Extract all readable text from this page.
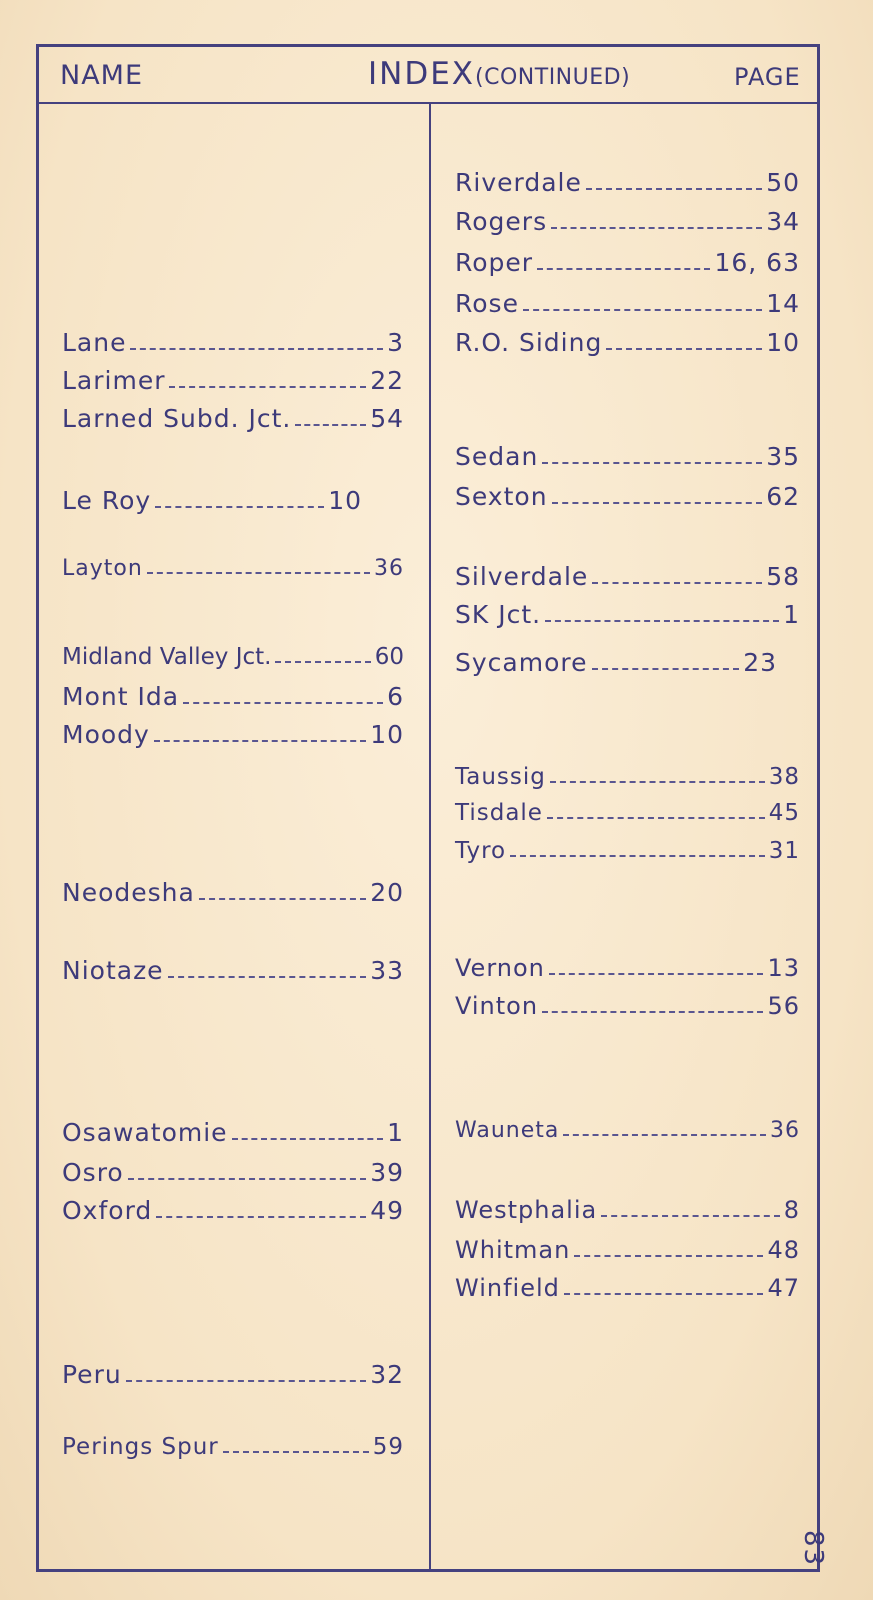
NAME	INDEX(CONTINUED)	PAGE
Lane	3
Larimer	22
Larned Subd. Jct.	54
Le Roy	10
Layton	36
Midland Valley Jct.	60
Mont Ida	6
Moody	10
Neodesha	20
Niotaze	33
Osawatomie	1
Osro	39
Oxford	49
Peru	32
Perings Spur	59
Riverdale	50
Rogers	34
Roper	16, 63
Rose	14
R.O. Siding	10
Sedan	35
Sexton	62
Silverdale	58
SK Jct.	1
Sycamore	23
Taussig	38
Tisdale	45
Tyro	31
Vernon	13
Vinton	56
Wauneta	36
Westphalia	8
Whitman	48
Winfield	47
83
